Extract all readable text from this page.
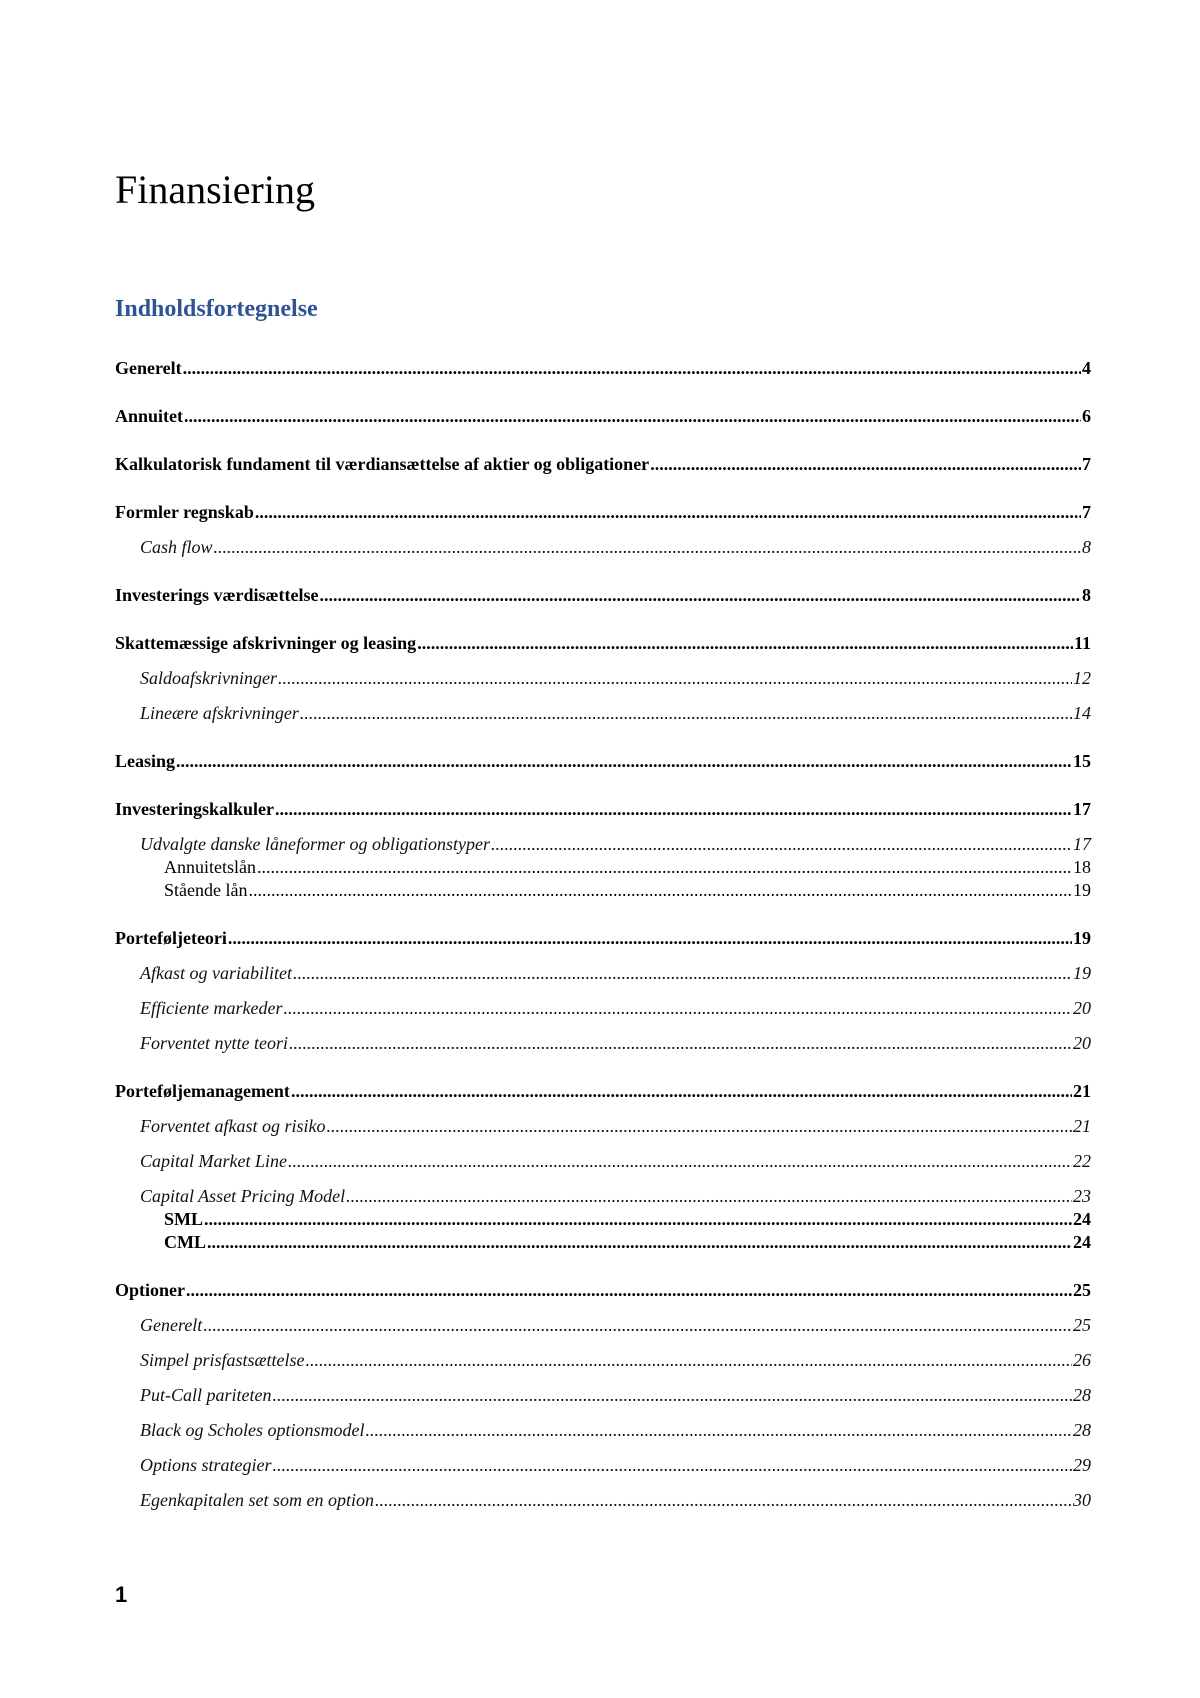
Finansiering
Indholdsfortegnelse
Generelt .....	4
Annuitet .....	6
Kalkulatorisk fundament til værdiansættelse af aktier og obligationer .....	7
Formler regnskab .....	7
Cash flow .....	8
Investerings værdisættelse .....	8
Skattemæssige afskrivninger og leasing .....	11
Saldoafskrivninger .....	12
Lineære afskrivninger .....	14
Leasing .....	15
Investeringskalkuler .....	17
Udvalgte danske låneformer og obligationstyper .....	17
Annuitetslån .....	18
Stående lån .....	19
Porteføljeteori .....	19
Afkast og variabilitet .....	19
Efficiente markeder .....	20
Forventet nytte teori .....	20
Porteføljemanagement .....	21
Forventet afkast og risiko .....	21
Capital Market Line .....	22
Capital Asset Pricing Model .....	23
SML .....	24
CML .....	24
Optioner .....	25
Generelt .....	25
Simpel prisfastsættelse .....	26
Put-Call pariteten .....	28
Black og Scholes optionsmodel .....	28
Options strategier .....	29
Egenkapitalen set som en option .....	30
1
